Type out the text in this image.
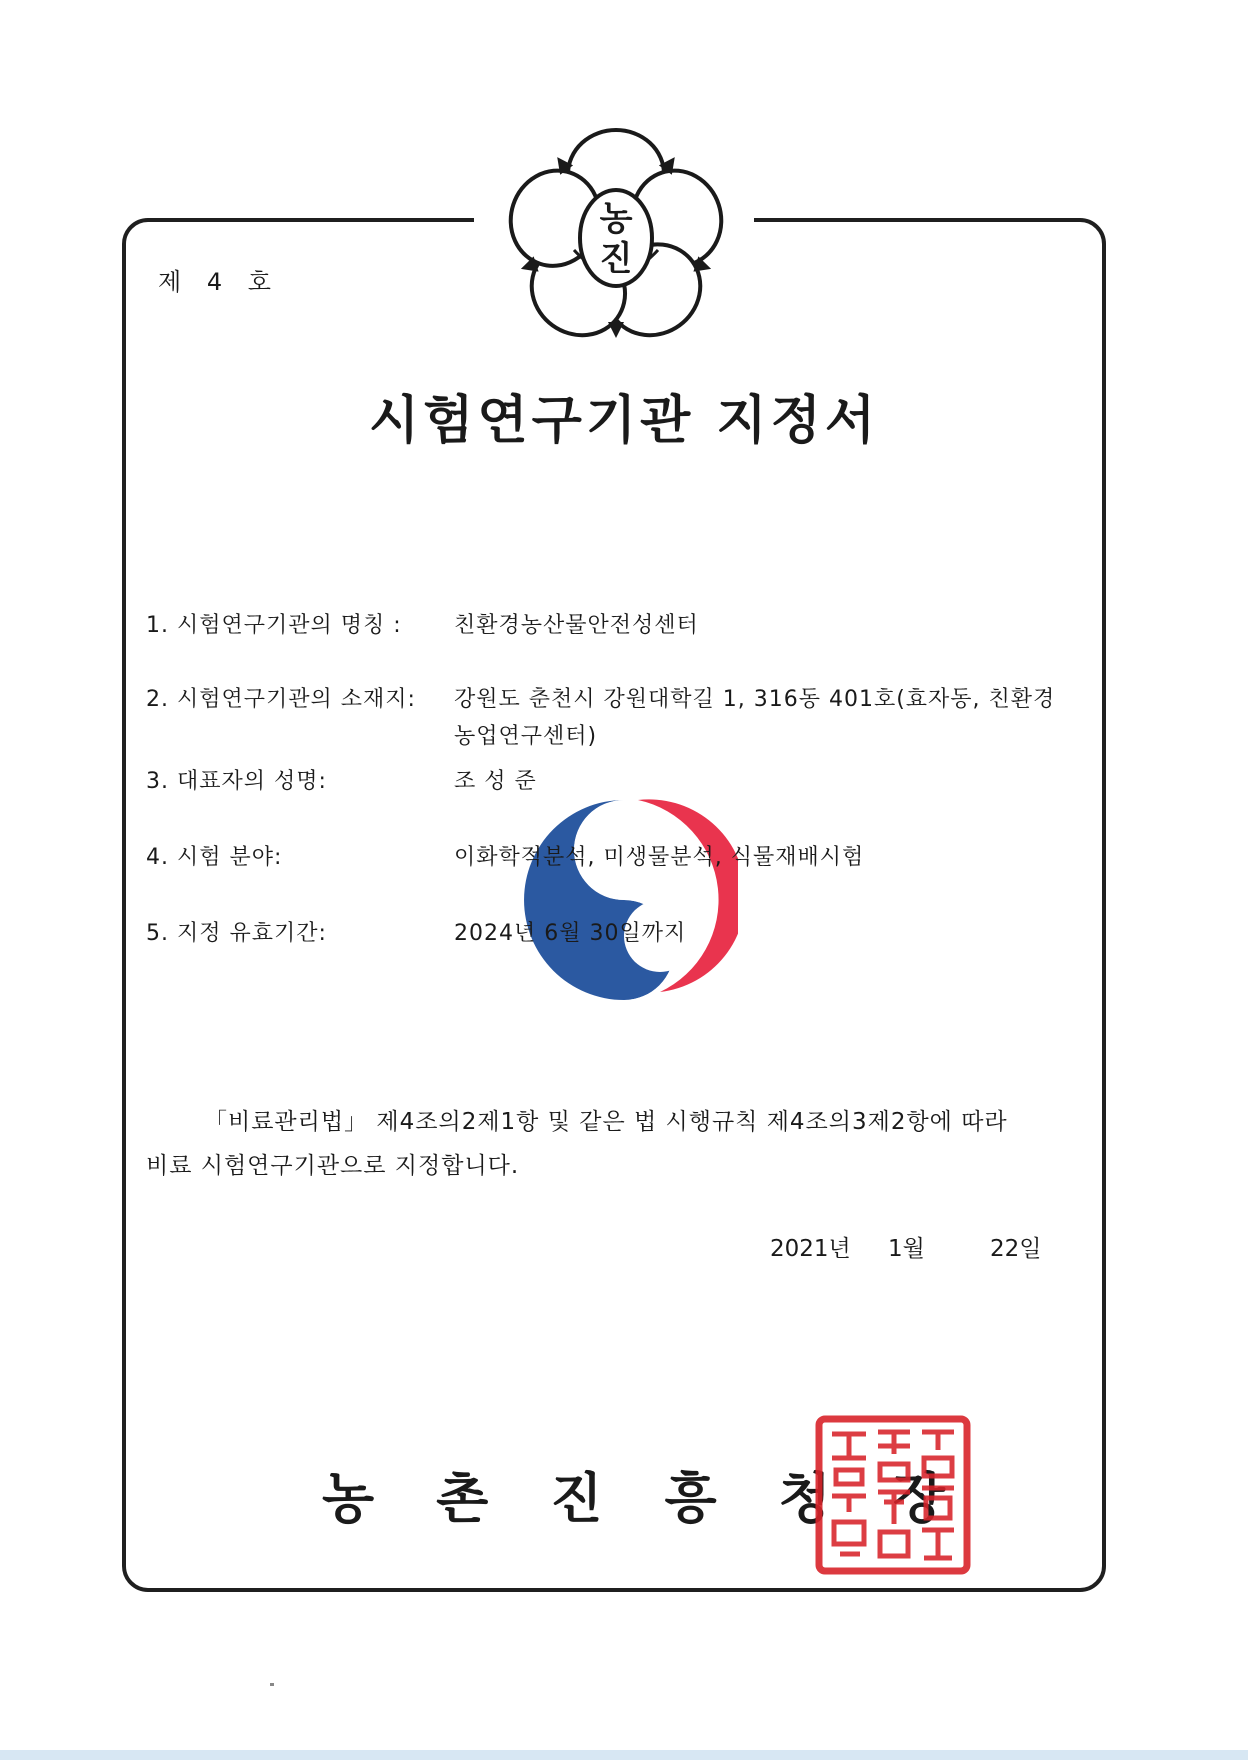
농
진
제 4 호
시험연구기관 지정서
1. 시험연구기관의 명칭 : 친환경농산물안전성센터
2. 시험연구기관의 소재지: 강원도 춘천시 강원대학길 1, 316동 401호(효자동, 친환경
농업연구센터)
3. 대표자의 성명:	조 성 준
4. 시험 분야:	이화학적분석, 미생물분석, 식물재배시험
5. 지정 유효기간:	2024년 6월 30일까지
「비료관리법」 제4조의2제1항 및 같은 법 시행규칙 제4조의3제2항에 따라
비료 시험연구기관으로 지정합니다.
2021년 1월	22일
농촌진흥청장
